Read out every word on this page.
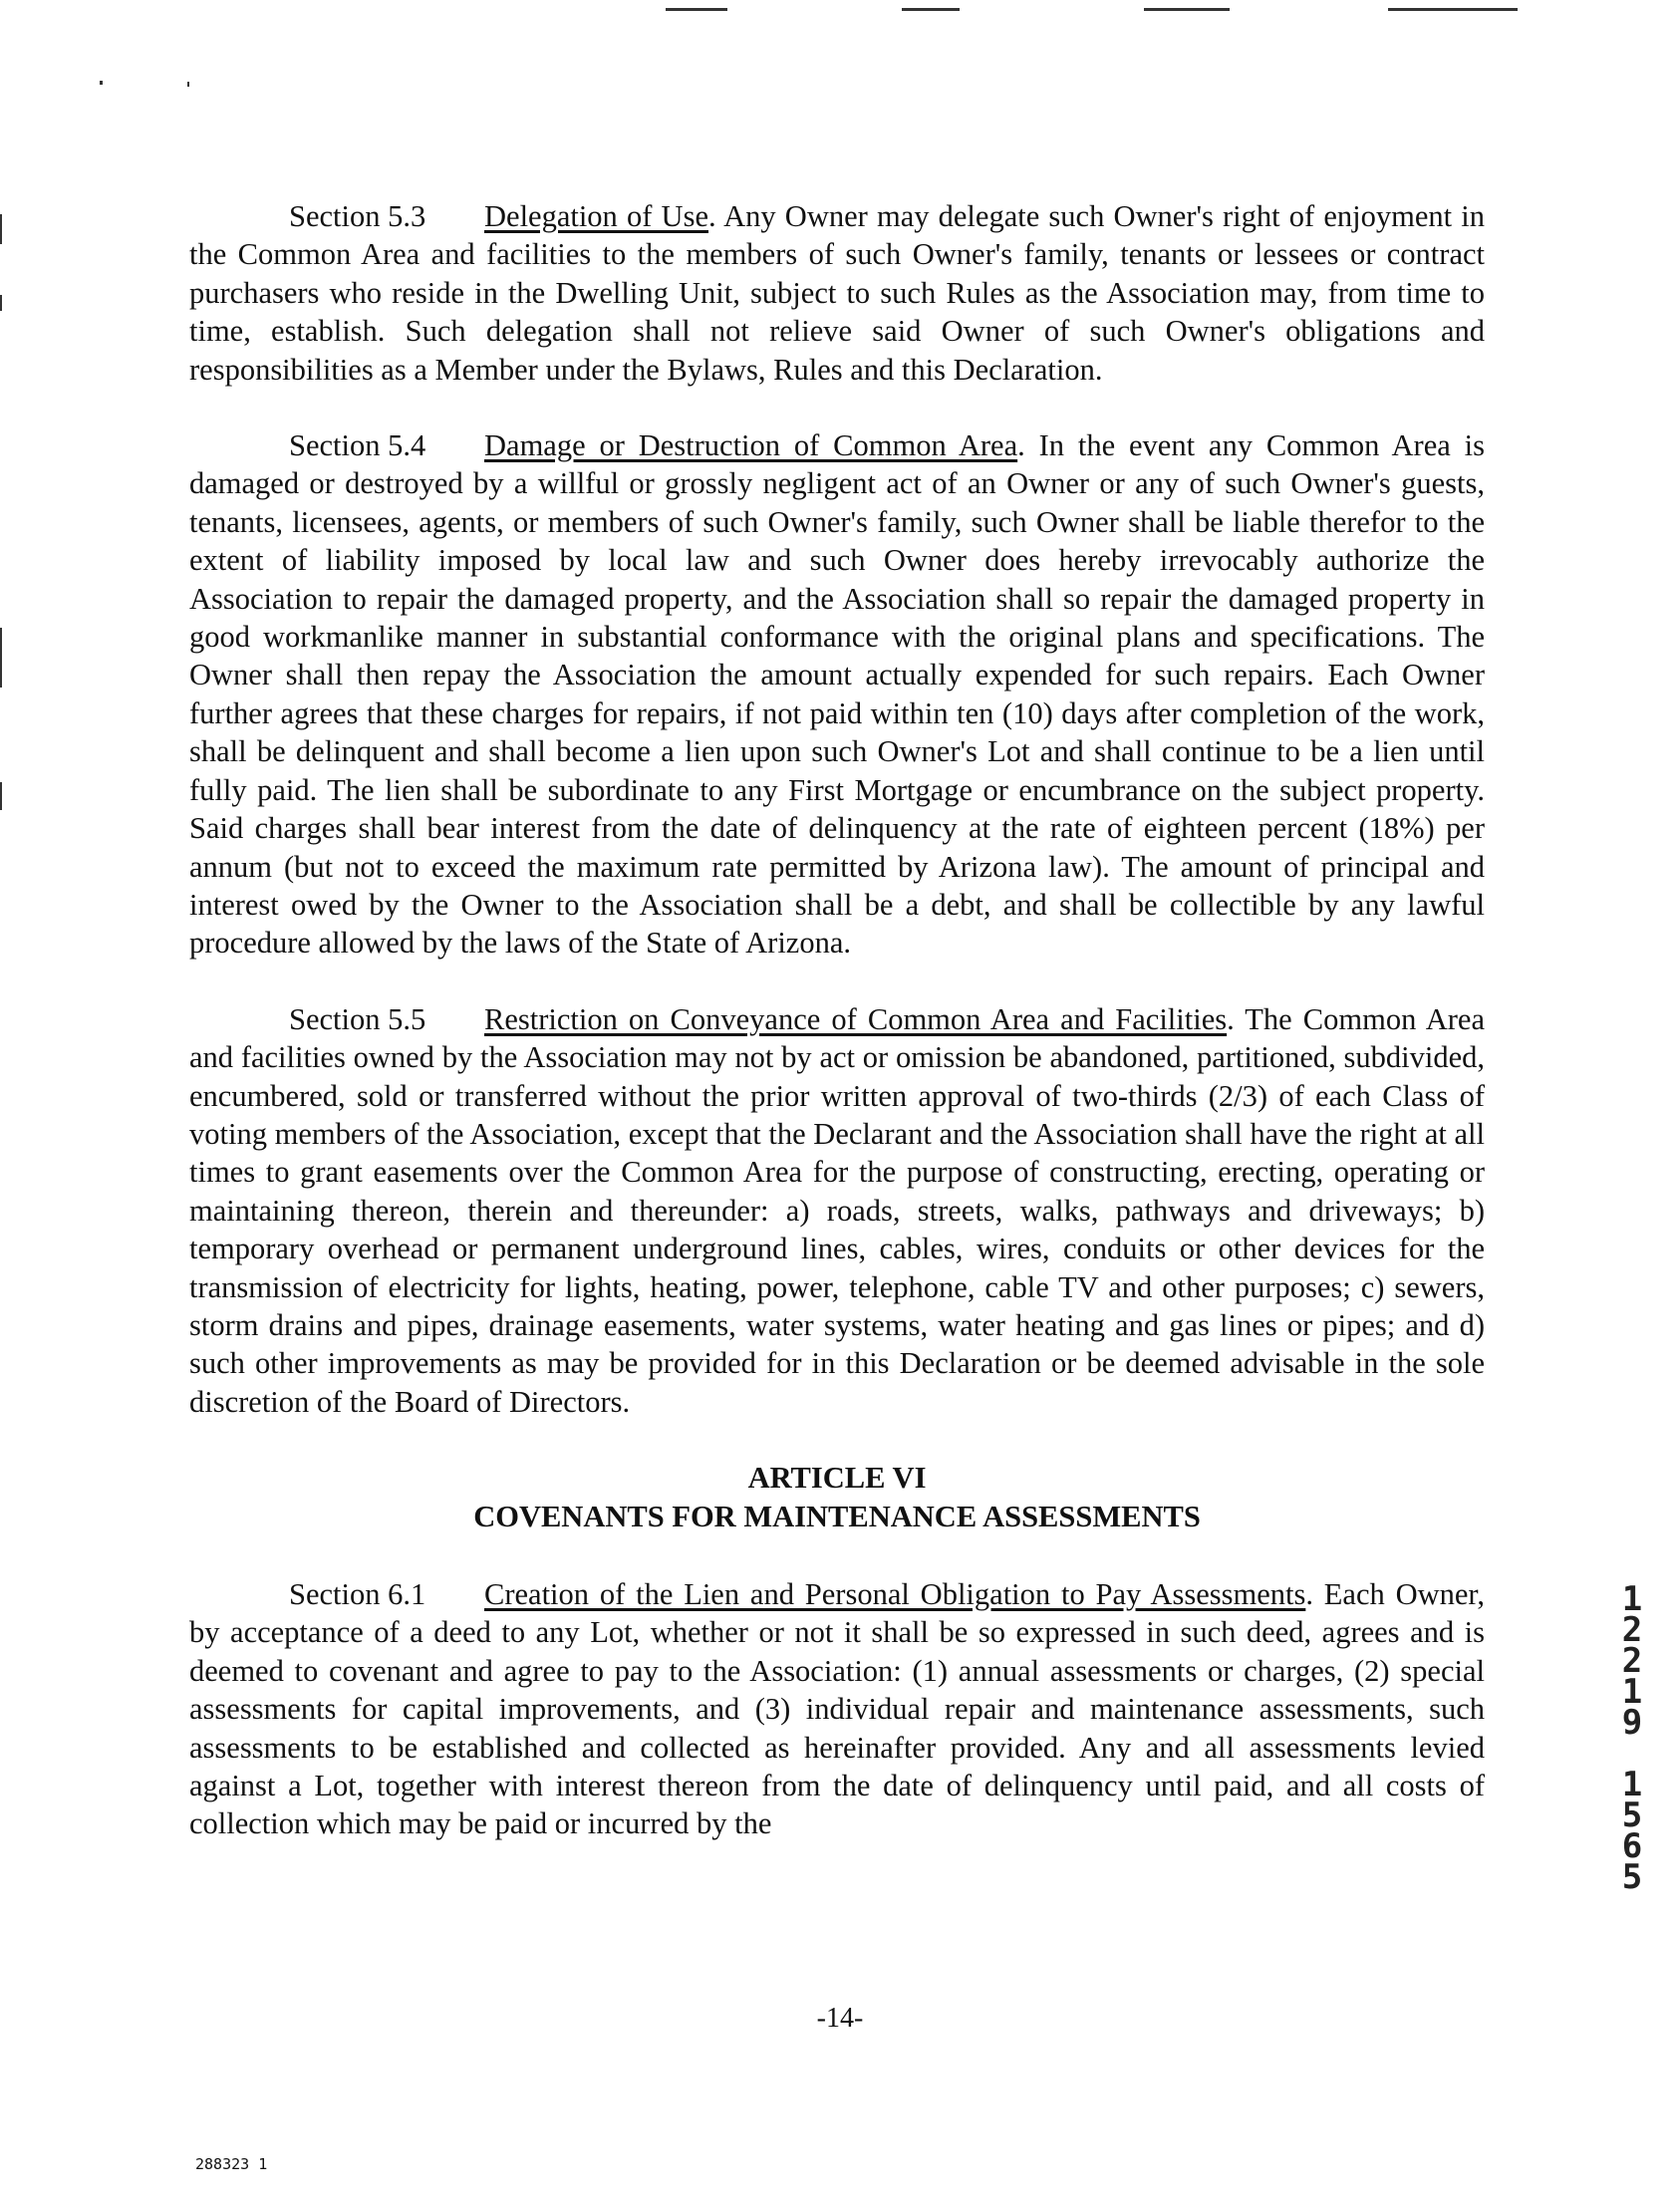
Section 5.3 Delegation of Use. Any Owner may delegate such Owner's right of enjoyment in the Common Area and facilities to the members of such Owner's family, tenants or lessees or contract purchasers who reside in the Dwelling Unit, subject to such Rules as the Association may, from time to time, establish. Such delegation shall not relieve said Owner of such Owner's obligations and responsibilities as a Member under the Bylaws, Rules and this Declaration.

Section 5.4 Damage or Destruction of Common Area. In the event any Common Area is damaged or destroyed by a willful or grossly negligent act of an Owner or any of such Owner's guests, tenants, licensees, agents, or members of such Owner's family, such Owner shall be liable therefor to the extent of liability imposed by local law and such Owner does hereby irrevocably authorize the Association to repair the damaged property, and the Association shall so repair the damaged property in good workmanlike manner in substantial conformance with the original plans and specifications. The Owner shall then repay the Association the amount actually expended for such repairs. Each Owner further agrees that these charges for repairs, if not paid within ten (10) days after completion of the work, shall be delinquent and shall become a lien upon such Owner's Lot and shall continue to be a lien until fully paid. The lien shall be subordinate to any First Mortgage or encumbrance on the subject property. Said charges shall bear interest from the date of delinquency at the rate of eighteen percent (18%) per annum (but not to exceed the maximum rate permitted by Arizona law). The amount of principal and interest owed by the Owner to the Association shall be a debt, and shall be collectible by any lawful procedure allowed by the laws of the State of Arizona.

Section 5.5 Restriction on Conveyance of Common Area and Facilities. The Common Area and facilities owned by the Association may not by act or omission be abandoned, partitioned, subdivided, encumbered, sold or transferred without the prior written approval of two-thirds (2/3) of each Class of voting members of the Association, except that the Declarant and the Association shall have the right at all times to grant easements over the Common Area for the purpose of constructing, erecting, operating or maintaining thereon, therein and thereunder: a) roads, streets, walks, pathways and driveways; b) temporary overhead or permanent underground lines, cables, wires, conduits or other devices for the transmission of electricity for lights, heating, power, telephone, cable TV and other purposes; c) sewers, storm drains and pipes, drainage easements, water systems, water heating and gas lines or pipes; and d) such other improvements as may be provided for in this Declaration or be deemed advisable in the sole discretion of the Board of Directors.

ARTICLE VI

COVENANTS FOR MAINTENANCE ASSESSMENTS

Section 6.1 Creation of the Lien and Personal Obligation to Pay Assessments. Each Owner, by acceptance of a deed to any Lot, whether or not it shall be so expressed in such deed, agrees and is deemed to covenant and agree to pay to the Association: (1) annual assessments or charges, (2) special assessments for capital improvements, and (3) individual repair and maintenance assessments, such assessments to be established and collected as hereinafter provided. Any and all assessments levied against a Lot, together with interest thereon from the date of delinquency until paid, and all costs of collection which may be paid or incurred by the

-14-
288323 1
1
2
2
1
9

1
5
6
5
